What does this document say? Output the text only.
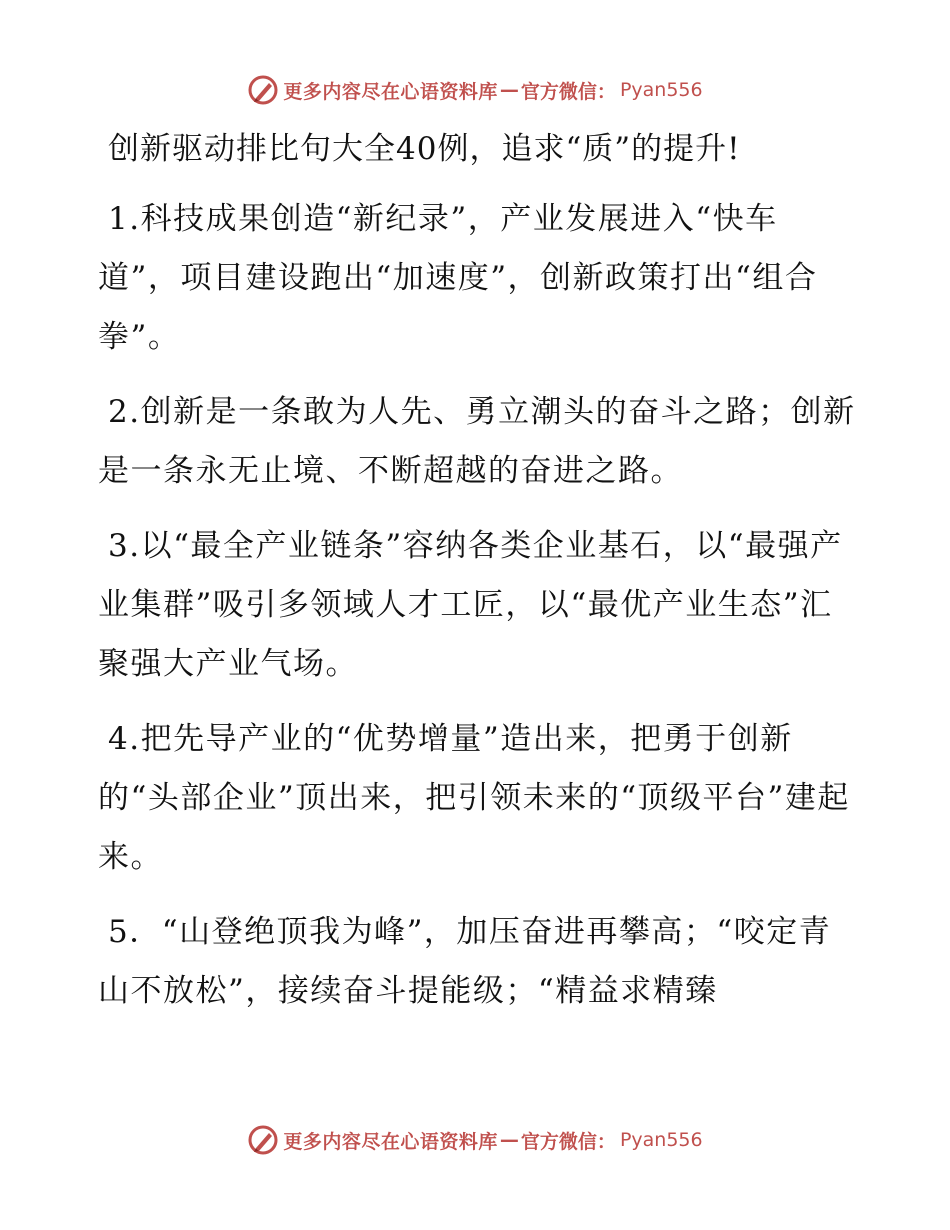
更多内容尽在心语资料库 — 官方微信： Pyan556
创新驱动排比句大全40例，追求“质”的提升!

1.科技成果创造“新纪录”，产业发展进入“快车道”，项目建设跑出“加速度”，创新政策打出“组合拳”。

2.创新是一条敢为人先、勇立潮头的奋斗之路；创新是一条永无止境、不断超越的奋进之路。

3.以“最全产业链条”容纳各类企业基石，以“最强产业集群”吸引多领域人才工匠，以“最优产业生态”汇聚强大产业气场。

4.把先导产业的“优势增量”造出来，把勇于创新的“头部企业”顶出来，把引领未来的“顶级平台”建起来。

5．“山登绝顶我为峰”，加压奋进再攀高；“咬定青山不放松”，接续奋斗提能级；“精益求精臻

更多内容尽在心语资料库 — 官方微信： Pyan556
